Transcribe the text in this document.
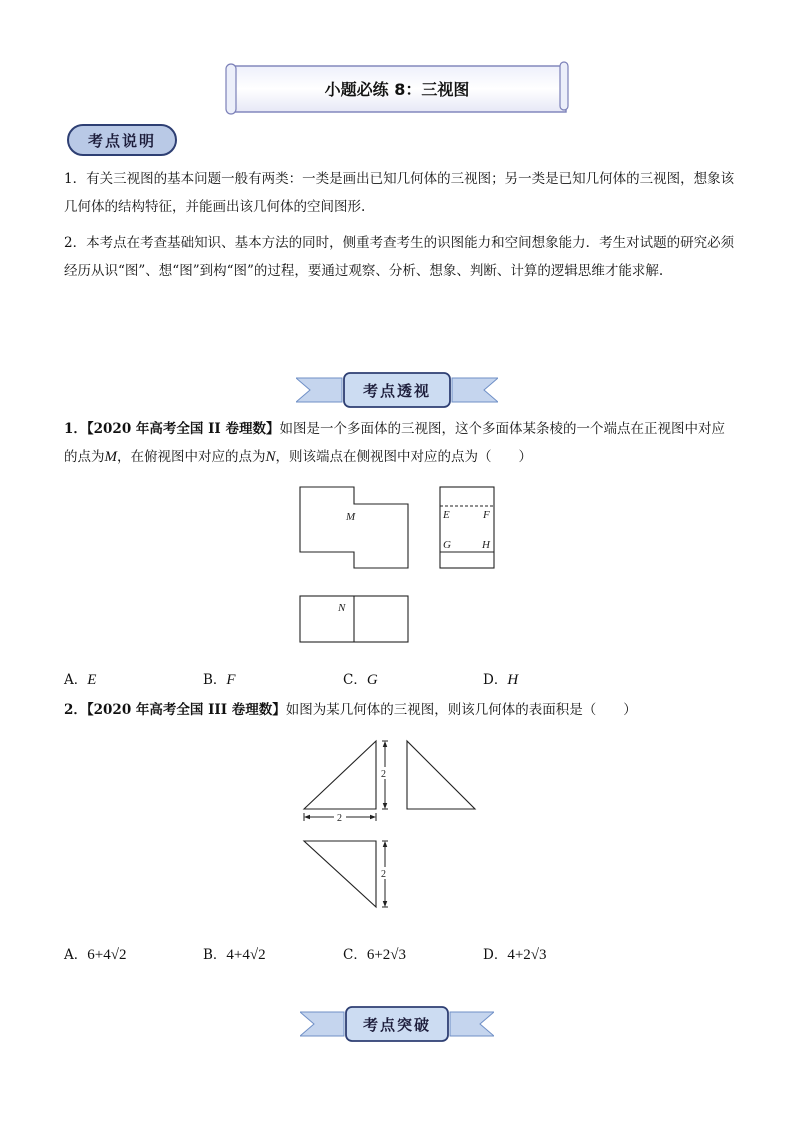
小题必练 8：三视图
考点说明
1．有关三视图的基本问题一般有两类：一类是画出已知几何体的三视图；另一类是已知几何体的三视图，想象该几何体的结构特征，并能画出该几何体的空间图形.
2．本考点在考查基础知识、基本方法的同时，侧重考查考生的识图能力和空间想象能力．考生对试题的研究必须经历从识“图”、想“图”到构“图”的过程，要通过观察、分析、想象、判断、计算的逻辑思维才能求解.
考点透视
1．【2020 年高考全国 II 卷理数】如图是一个多面体的三视图，这个多面体某条棱的一个端点在正视图中对应的点为M，在俯视图中对应的点为N，则该端点在侧视图中对应的点为（　　）
M	E	F
G	H
N
A．E	B．F	C．G	D．H
2．【2020 年高考全国 III 卷理数】如图为某几何体的三视图，则该几何体的表面积是（　　）
2
2
2
A．6+4√2	B．4+4√2	C．6+2√3	D．4+2√3
考点突破
